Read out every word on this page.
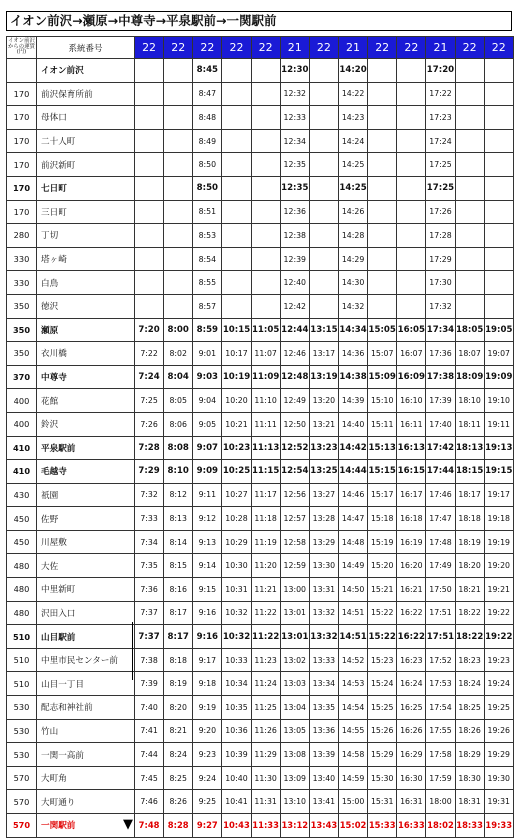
イオン前沢→瀬原→中尊寺→平泉駅前→一関駅前
イオン前沢からの運賃(円)	系統番号	22	22	22	22	22	21	22	21	22	22	21	22	22
	イオン前沢			8:45			12:30		14:20			17:20		
170	前沢保育所前			8:47			12:32		14:22			17:22		
170	母体口			8:48			12:33		14:23			17:23		
170	二十人町			8:49			12:34		14:24			17:24		
170	前沢新町			8:50			12:35		14:25			17:25		
170	七日町			8:50			12:35		14:25			17:25		
170	三日町			8:51			12:36		14:26			17:26		
280	丁切			8:53			12:38		14:28			17:28		
330	塔ヶ崎			8:54			12:39		14:29			17:29		
330	白鳥			8:55			12:40		14:30			17:30		
350	徳沢			8:57			12:42		14:32			17:32		
350	瀬原	7:20	8:00	8:59	10:15	11:05	12:44	13:15	14:34	15:05	16:05	17:34	18:05	19:05
350	衣川橋	7:22	8:02	9:01	10:17	11:07	12:46	13:17	14:36	15:07	16:07	17:36	18:07	19:07
370	中尊寺	7:24	8:04	9:03	10:19	11:09	12:48	13:19	14:38	15:09	16:09	17:38	18:09	19:09
400	花館	7:25	8:05	9:04	10:20	11:10	12:49	13:20	14:39	15:10	16:10	17:39	18:10	19:10
400	鈴沢	7:26	8:06	9:05	10:21	11:11	12:50	13:21	14:40	15:11	16:11	17:40	18:11	19:11
410	平泉駅前	7:28	8:08	9:07	10:23	11:13	12:52	13:23	14:42	15:13	16:13	17:42	18:13	19:13
410	毛越寺	7:29	8:10	9:09	10:25	11:15	12:54	13:25	14:44	15:15	16:15	17:44	18:15	19:15
430	祇園	7:32	8:12	9:11	10:27	11:17	12:56	13:27	14:46	15:17	16:17	17:46	18:17	19:17
450	佐野	7:33	8:13	9:12	10:28	11:18	12:57	13:28	14:47	15:18	16:18	17:47	18:18	19:18
450	川屋敷	7:34	8:14	9:13	10:29	11:19	12:58	13:29	14:48	15:19	16:19	17:48	18:19	19:19
480	大佐	7:35	8:15	9:14	10:30	11:20	12:59	13:30	14:49	15:20	16:20	17:49	18:20	19:20
480	中里新町	7:36	8:16	9:15	10:31	11:21	13:00	13:31	14:50	15:21	16:21	17:50	18:21	19:21
480	沢田入口	7:37	8:17	9:16	10:32	11:22	13:01	13:32	14:51	15:22	16:22	17:51	18:22	19:22
510	山目駅前	7:37	8:17	9:16	10:32	11:22	13:01	13:32	14:51	15:22	16:22	17:51	18:22	19:22
510	中里市民センター前	7:38	8:18	9:17	10:33	11:23	13:02	13:33	14:52	15:23	16:23	17:52	18:23	19:23
510	山目一丁目	7:39	8:19	9:18	10:34	11:24	13:03	13:34	14:53	15:24	16:24	17:53	18:24	19:24
530	配志和神社前	7:40	8:20	9:19	10:35	11:25	13:04	13:35	14:54	15:25	16:25	17:54	18:25	19:25
530	竹山	7:41	8:21	9:20	10:36	11:26	13:05	13:36	14:55	15:26	16:26	17:55	18:26	19:26
530	一関一高前	7:44	8:24	9:23	10:39	11:29	13:08	13:39	14:58	15:29	16:29	17:58	18:29	19:29
570	大町角	7:45	8:25	9:24	10:40	11:30	13:09	13:40	14:59	15:30	16:30	17:59	18:30	19:30
570	大町通り	7:46	8:26	9:25	10:41	11:31	13:10	13:41	15:00	15:31	16:31	18:00	18:31	19:31
570	一関駅前 ▼	7:48	8:28	9:27	10:43	11:33	13:12	13:43	15:02	15:33	16:33	18:02	18:33	19:33
